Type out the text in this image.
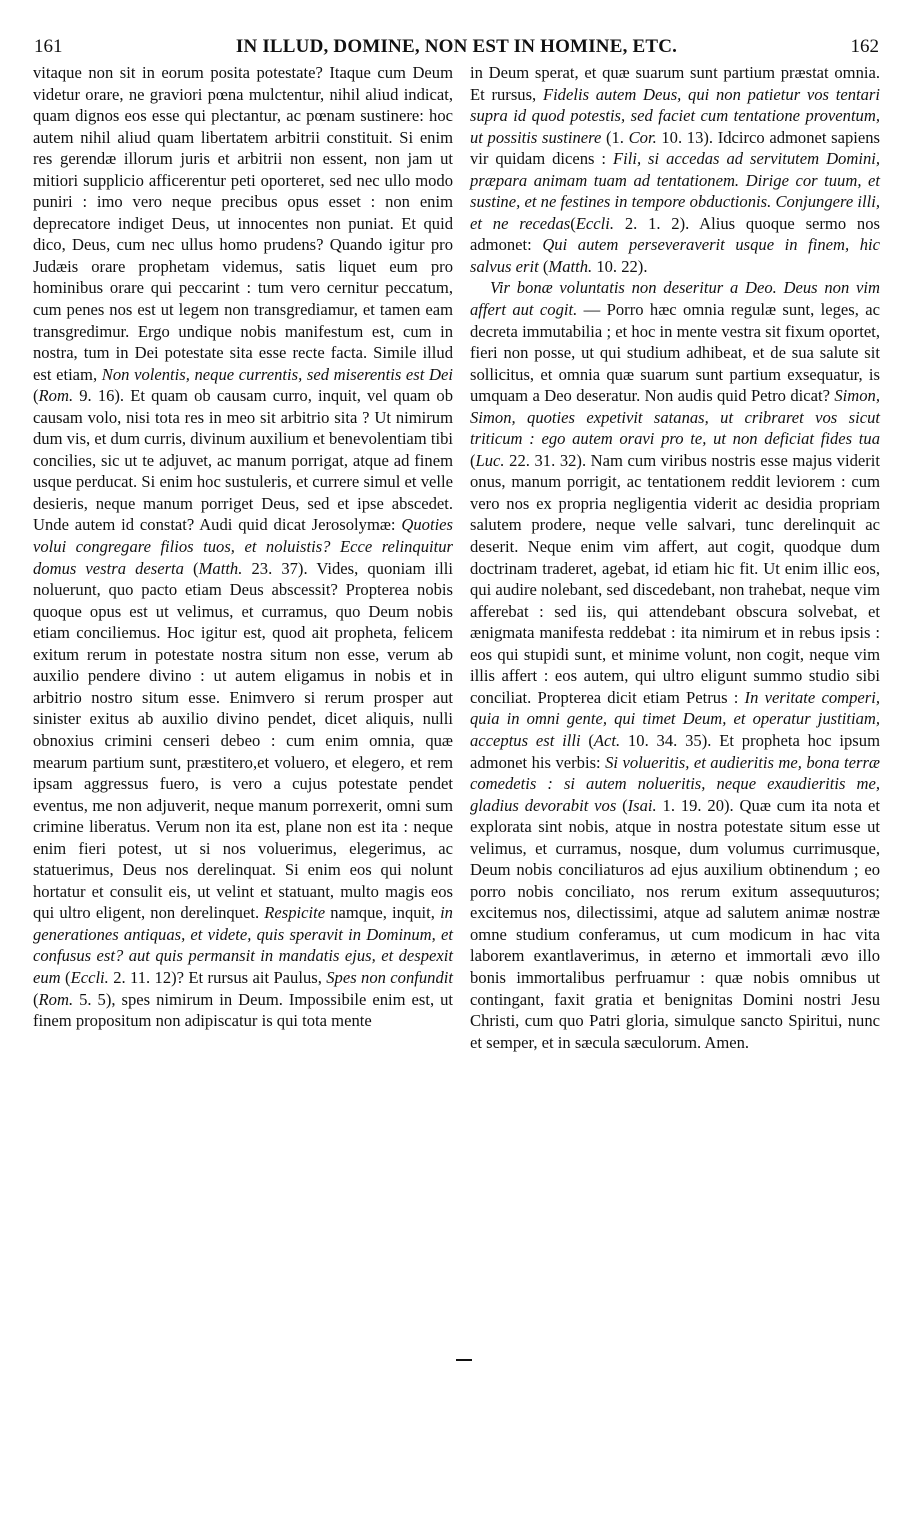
161	IN ILLUD, DOMINE, NON EST IN HOMINE, ETC.	162

vitaque non sit in eorum posita potestate? Itaque cum Deum videtur orare, ne graviori pœna mulctentur, nihil aliud indicat, quam dignos eos esse qui plectantur, ac pœnam sustinere: hoc autem nihil aliud quam libertatem arbitrii constituit. Si enim res gerendæ illorum juris et arbitrii non essent, non jam ut mitiori supplicio afficerentur peti oporteret, sed nec ullo modo puniri : imo vero neque precibus opus esset : non enim deprecatore indiget Deus, ut innocentes non puniat. Et quid dico, Deus, cum nec ullus homo prudens? Quando igitur pro Judæis orare prophetam videmus, satis liquet eum pro hominibus orare qui peccarint : tum vero cernitur peccatum, cum penes nos est ut legem non transgrediamur, et tamen eam transgredimur. Ergo undique nobis manifestum est, cum in nostra, tum in Dei potestate sita esse recte facta. Simile illud est etiam, Non volentis, neque currentis, sed miserentis est Dei (Rom. 9. 16). Et quam ob causam curro, inquit, vel quam ob causam volo, nisi tota res in meo sit arbitrio sita ? Ut nimirum dum vis, et dum curris, divinum auxilium et benevolentiam tibi concilies, sic ut te adjuvet, ac manum porrigat, atque ad finem usque perducat. Si enim hoc sustuleris, et currere simul et velle desieris, neque manum porriget Deus, sed et ipse abscedet. Unde autem id constat? Audi quid dicat Jerosolymæ: Quoties volui congregare filios tuos, et noluistis? Ecce relinquitur domus vestra deserta (Matth. 23. 37). Vides, quoniam illi noluerunt, quo pacto etiam Deus abscessit? Propterea nobis quoque opus est ut velimus, et curramus, quo Deum nobis etiam conciliemus. Hoc igitur est, quod ait propheta, felicem exitum rerum in potestate nostra situm non esse, verum ab auxilio pendere divino : ut autem eligamus in nobis et in arbitrio nostro situm esse. Enimvero si rerum prosper aut sinister exitus ab auxilio divino pendet, dicet aliquis, nulli obnoxius crimini censeri debeo : cum enim omnia, quæ mearum partium sunt, præstitero,et voluero, et elegero, et rem ipsam aggressus fuero, is vero a cujus potestate pendet eventus, me non adjuverit, neque manum porrexerit, omni sum crimine liberatus. Verum non ita est, plane non est ita : neque enim fieri potest, ut si nos voluerimus, elegerimus, ac statuerimus, Deus nos derelinquat. Si enim eos qui nolunt hortatur et consulit eis, ut velint et statuant, multo magis eos qui ultro eligent, non derelinquet. Respicite namque, inquit, in generationes antiquas, et videte, quis speravit in Dominum, et confusus est? aut quis permansit in mandatis ejus, et despexit eum (Eccli. 2. 11. 12)? Et rursus ait Paulus, Spes non confundit (Rom. 5. 5), spes nimirum in Deum. Impossibile enim est, ut finem propositum non adipiscatur is qui tota mente

in Deum sperat, et quæ suarum sunt partium præstat omnia. Et rursus, Fidelis autem Deus, qui non patietur vos tentari supra id quod potestis, sed faciet cum tentatione proventum, ut possitis sustinere (1. Cor. 10. 13). Idcirco admonet sapiens vir quidam dicens : Fili, si accedas ad servitutem Domini, præpara animam tuam ad tentationem. Dirige cor tuum, et sustine, et ne festines in tempore obductionis. Conjungere illi, et ne recedas(Eccli. 2. 1. 2). Alius quoque sermo nos admonet: Qui autem perseveraverit usque in finem, hic salvus erit (Matth. 10. 22).

Vir bonæ voluntatis non deseritur a Deo. Deus non vim affert aut cogit. — Porro hæc omnia regulæ sunt, leges, ac decreta immutabilia ; et hoc in mente vestra sit fixum oportet, fieri non posse, ut qui studium adhibeat, et de sua salute sit sollicitus, et omnia quæ suarum sunt partium exsequatur, is umquam a Deo deseratur. Non audis quid Petro dicat? Simon, Simon, quoties expetivit satanas, ut cribraret vos sicut triticum : ego autem oravi pro te, ut non deficiat fides tua (Luc. 22. 31. 32). Nam cum viribus nostris esse majus viderit onus, manum porrigit, ac tentationem reddit leviorem : cum vero nos ex propria negligentia viderit ac desidia propriam salutem prodere, neque velle salvari, tunc derelinquit ac deserit. Neque enim vim affert, aut cogit, quodque dum doctrinam traderet, agebat, id etiam hic fit. Ut enim illic eos, qui audire nolebant, sed discedebant, non trahebat, neque vim afferebat : sed iis, qui attendebant obscura solvebat, et ænigmata manifesta reddebat : ita nimirum et in rebus ipsis : eos qui stupidi sunt, et minime volunt, non cogit, neque vim illis affert : eos autem, qui ultro eligunt summo studio sibi conciliat. Propterea dicit etiam Petrus : In veritate comperi, quia in omni gente, qui timet Deum, et operatur justitiam, acceptus est illi (Act. 10. 34. 35). Et propheta hoc ipsum admonet his verbis: Si volueritis, et audieritis me, bona terræ comedetis : si autem nolueritis, neque exaudieritis me, gladius devorabit vos (Isai. 1. 19. 20). Quæ cum ita nota et explorata sint nobis, atque in nostra potestate situm esse ut velimus, et curramus, nosque, dum volumus currimusque, Deum nobis conciliaturos ad ejus auxilium obtinendum ; eo porro nobis conciliato, nos rerum exitum assequuturos; excitemus nos, dilectissimi, atque ad salutem animæ nostræ omne studium conferamus, ut cum modicum in hac vita laborem exantlaverimus, in æterno et immortali ævo illo bonis immortalibus perfruamur : quæ nobis omnibus ut contingant, faxit gratia et benignitas Domini nostri Jesu Christi, cum quo Patri gloria, simulque sancto Spiritui, nunc et semper, et in sæcula sæculorum. Amen.
